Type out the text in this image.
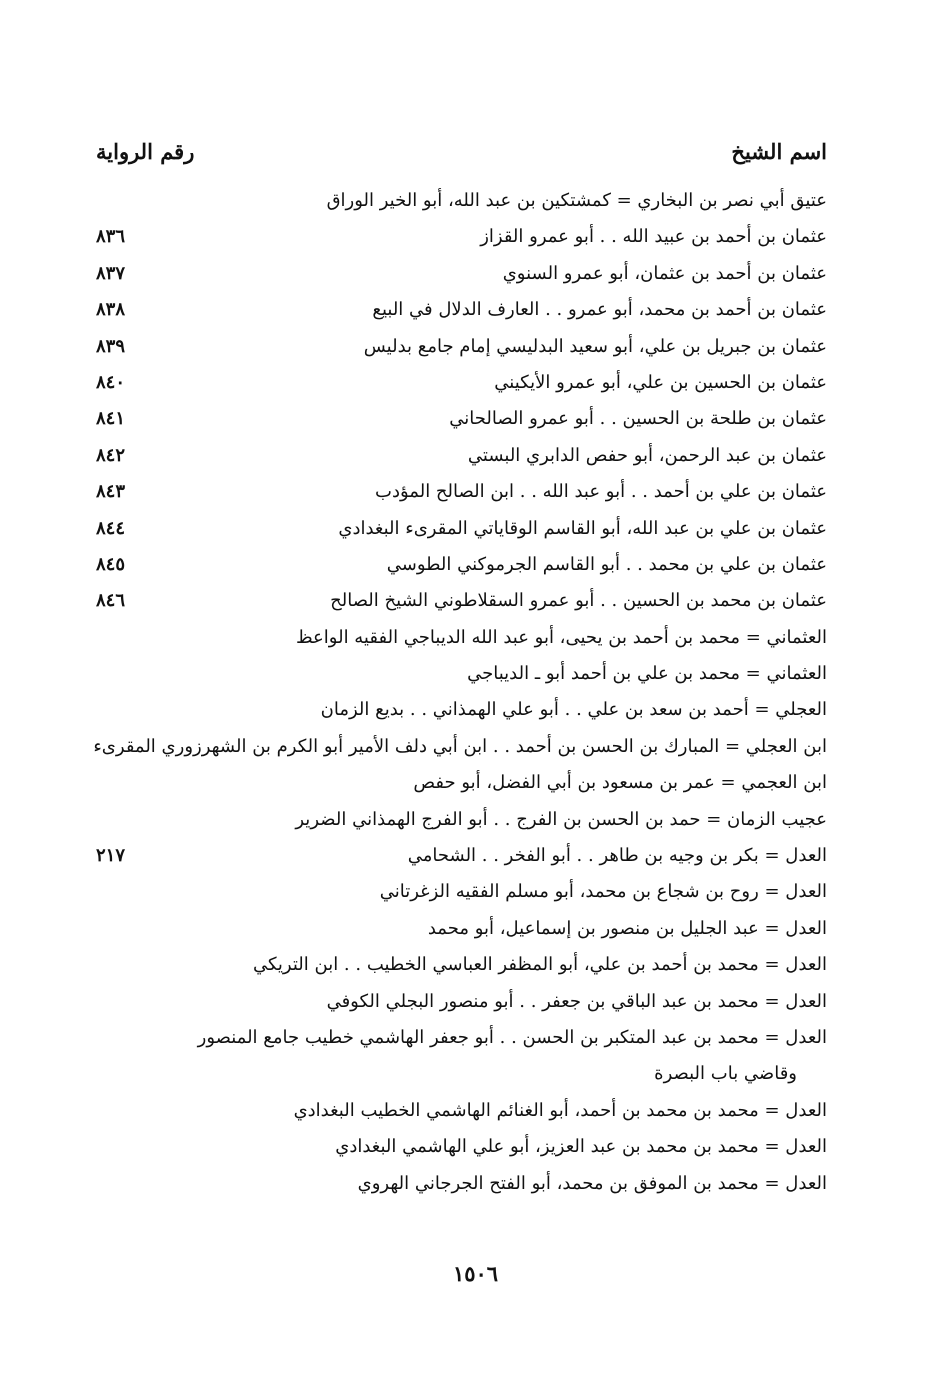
اسم الشيخ
رقم الرواية
عتيق أبي نصر بن البخاري = كمشتكين بن عبد الله، أبو الخير الوراق
عثمان بن أحمد بن عبيد الله . . أبو عمرو القزاز
٨٣٦
عثمان بن أحمد بن عثمان، أبو عمرو السنوي
٨٣٧
عثمان بن أحمد بن محمد، أبو عمرو . . العارف الدلال في البيع
٨٣٨
عثمان بن جبريل بن علي، أبو سعيد البدليسي إمام جامع بدليس
٨٣٩
عثمان بن الحسين بن علي، أبو عمرو الأيكيني
٨٤٠
عثمان بن طلحة بن الحسين . . أبو عمرو الصالحاني
٨٤١
عثمان بن عبد الرحمن، أبو حفص الدابري البستي
٨٤٢
عثمان بن علي بن أحمد . . أبو عبد الله . . ابن الصالح المؤدب
٨٤٣
عثمان بن علي بن عبد الله، أبو القاسم الوقاياتي المقرىء البغدادي
٨٤٤
عثمان بن علي بن محمد . . أبو القاسم الجرموكني الطوسي
٨٤٥
عثمان بن محمد بن الحسين . . أبو عمرو السقلاطوني الشيخ الصالح
٨٤٦
العثماني = محمد بن أحمد بن يحيى، أبو عبد الله الديباجي الفقيه الواعظ
العثماني = محمد بن علي بن أحمد أبو ـ الديباجي
العجلي = أحمد بن سعد بن علي . . أبو علي الهمذاني . . بديع الزمان
ابن العجلي = المبارك بن الحسن بن أحمد . . ابن أبي دلف الأمير أبو الكرم بن الشهرزوري المقرىء
ابن العجمي = عمر بن مسعود بن أبي الفضل، أبو حفص
عجيب الزمان = حمد بن الحسن بن الفرج . . أبو الفرج الهمذاني الضرير
العدل = بكر بن وجيه بن طاهر . . أبو الفخر . . الشحامي
٢١٧
العدل = روح بن شجاع بن محمد، أبو مسلم الفقيه الزغرتاني
العدل = عبد الجليل بن منصور بن إسماعيل، أبو محمد
العدل = محمد بن أحمد بن علي، أبو المظفر العباسي الخطيب . . ابن التريكي
العدل = محمد بن عبد الباقي بن جعفر . . أبو منصور البجلي الكوفي
العدل = محمد بن عبد المتكبر بن الحسن . . أبو جعفر الهاشمي خطيب جامع المنصور
وقاضي باب البصرة
العدل = محمد بن محمد بن أحمد، أبو الغنائم الهاشمي الخطيب البغدادي
العدل = محمد بن محمد بن عبد العزيز، أبو علي الهاشمي البغدادي
العدل = محمد بن الموفق بن محمد، أبو الفتح الجرجاني الهروي
١٥٠٦
